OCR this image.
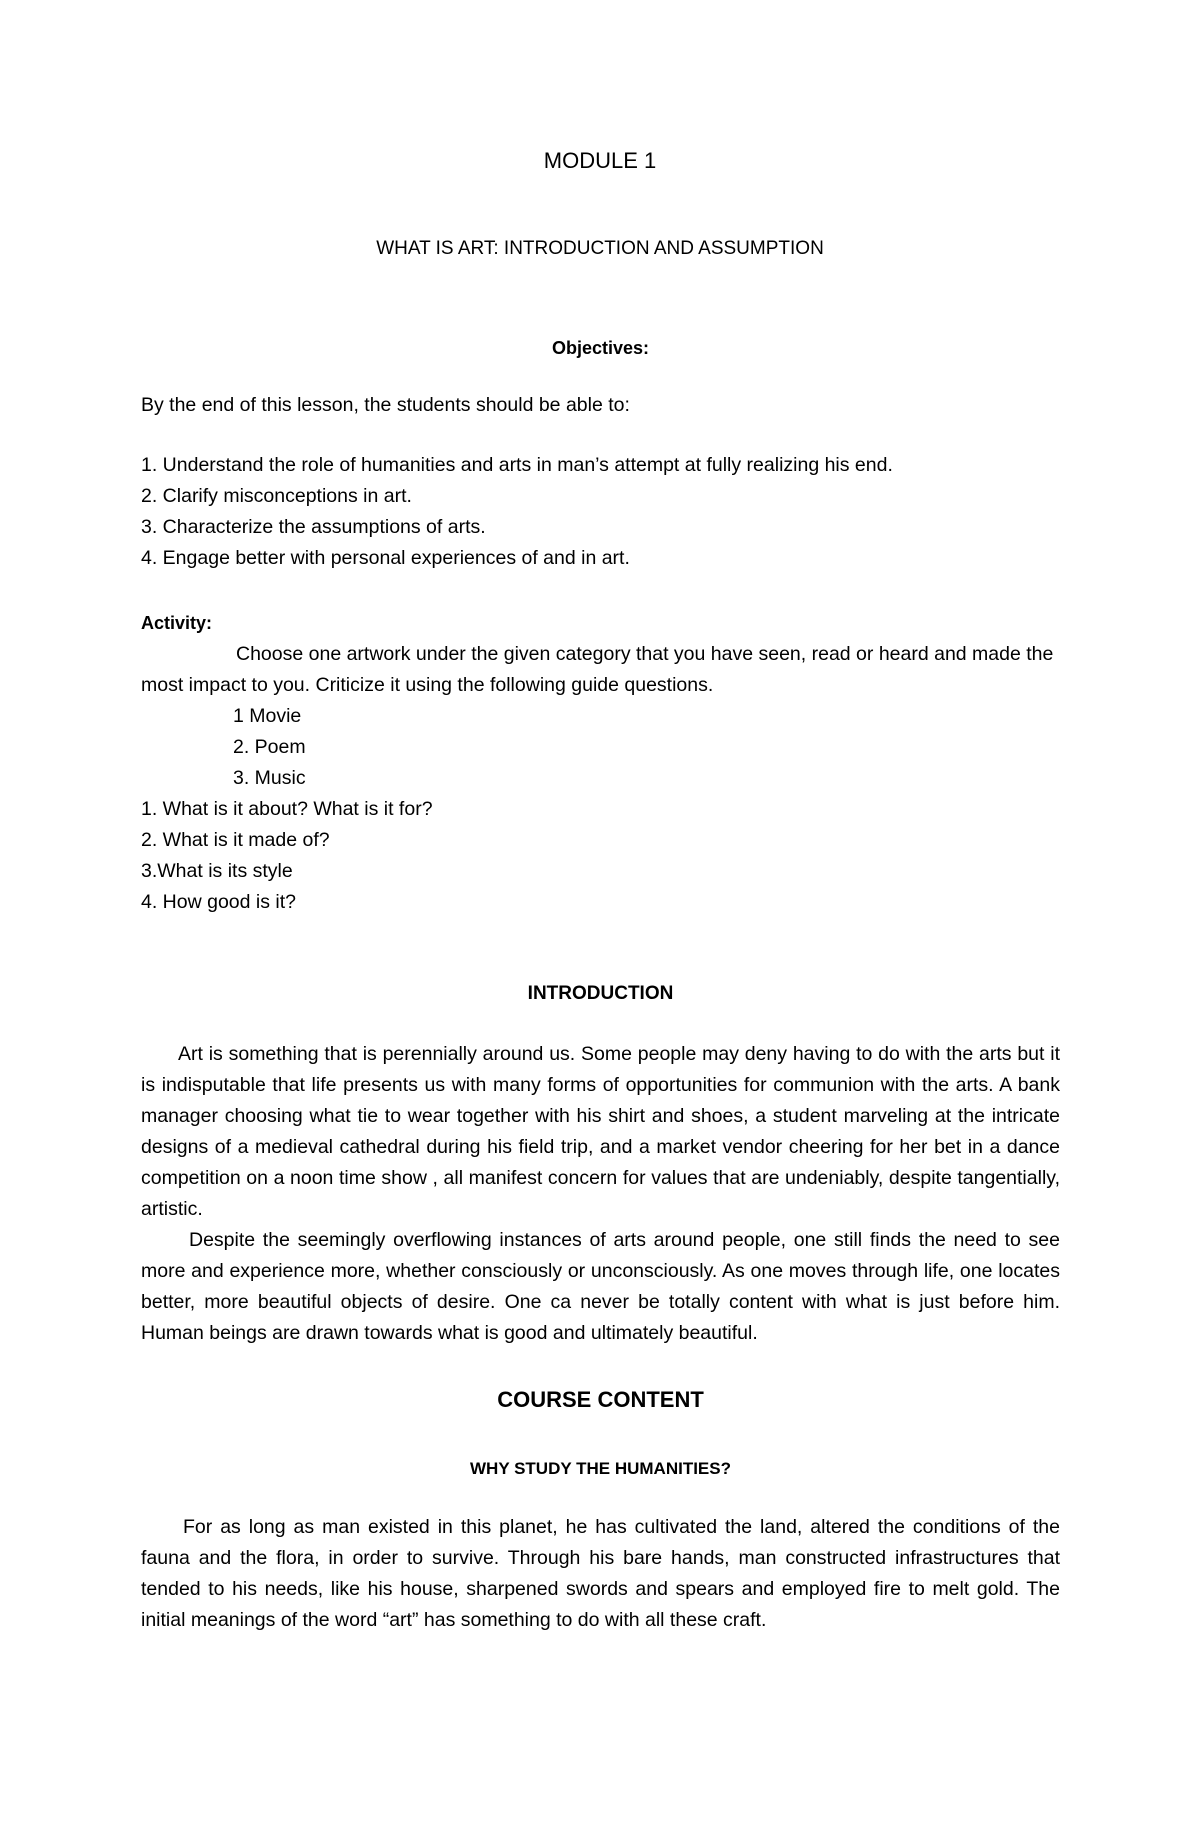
MODULE 1
WHAT IS ART: INTRODUCTION AND ASSUMPTION
Objectives:
By the end of this lesson, the students should be able to:
1. Understand the role of humanities and arts in man’s attempt at fully realizing his end.
2. Clarify misconceptions in art.
3. Characterize the assumptions of arts.
4. Engage better with personal experiences of and in art.
Activity:
Choose one artwork under the given category that you have seen, read or heard and made the most impact to you. Criticize it using the following guide questions.
1 Movie
2. Poem
3. Music
1. What is it about? What is it for?
2. What is it made of?
3.What is its style
4. How good is it?
INTRODUCTION

Art is something that is perennially around us. Some people may deny having to do with the arts but it is indisputable that life presents us with many forms of opportunities for communion with the arts. A bank manager choosing what tie to wear together with his shirt and shoes, a student marveling at the intricate designs of a medieval cathedral during his field trip, and a market vendor cheering for her bet in a dance competition on a noon time show , all manifest concern for values that are undeniably, despite tangentially, artistic.

Despite the seemingly overflowing instances of arts around people, one still finds the need to see more and experience more, whether consciously or unconsciously. As one moves through life, one locates better, more beautiful objects of desire. One ca never be totally content with what is just before him. Human beings are drawn towards what is good and ultimately beautiful.

COURSE CONTENT
WHY STUDY THE HUMANITIES?

For as long as man existed in this planet, he has cultivated the land, altered the conditions of the fauna and the flora, in order to survive. Through his bare hands, man constructed infrastructures that tended to his needs, like his house, sharpened swords and spears and employed fire to melt gold. The initial meanings of the word “art” has something to do with all these craft.
